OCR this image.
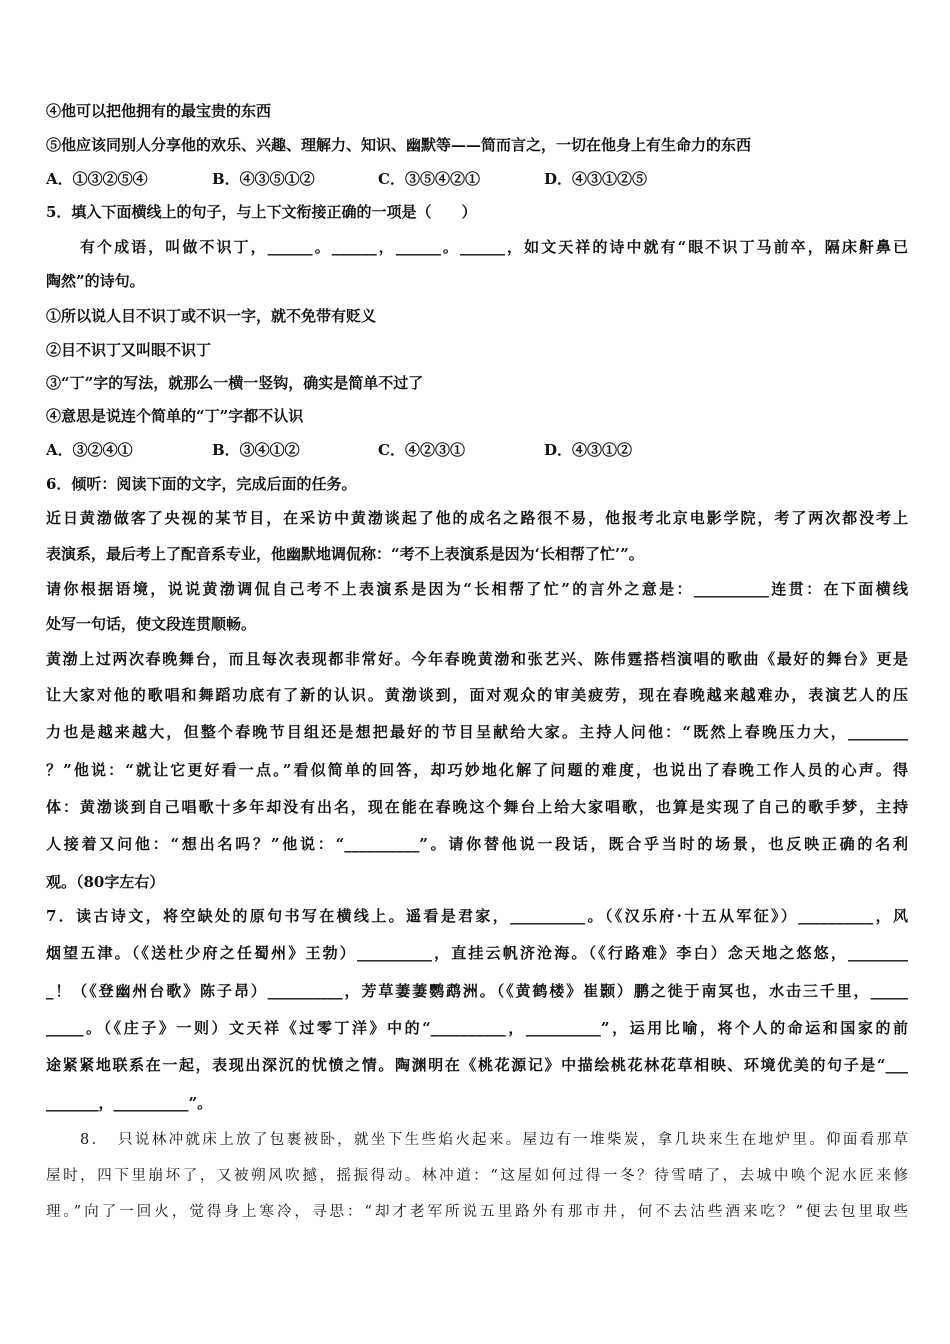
④他可以把他拥有的最宝贵的东西
⑤他应该同别人分享他的欢乐、兴趣、理解力、知识、幽默等——简而言之，一切在他身上有生命力的东西
A．①③②⑤④	B．④③⑤①②	C．③⑤④②①	D．④③①②⑤
5．填入下面横线上的句子，与上下文衔接正确的一项是（　　）
有个成语，叫做不识丁，______。______，______。______，如文天祥的诗中就有“眼不识丁马前卒，隔床鼾鼻已
陶然”的诗句。
①所以说人目不识丁或不识一字，就不免带有贬义
②目不识丁又叫眼不识丁
③“丁”字的写法，就那么一横一竖钩，确实是简单不过了
④意思是说连个简单的“丁”字都不认识
A．③②④①	B．③④①②	C．④②③①	D．④③①②
6．倾听：阅读下面的文字，完成后面的任务。
近日黄渤做客了央视的某节目，在采访中黄渤谈起了他的成名之路很不易，他报考北京电影学院，考了两次都没考上
表演系，最后考上了配音系专业，他幽默地调侃称：“考不上表演系是因为‘长相帮了忙’”。
请你根据语境，说说黄渤调侃自己考不上表演系是因为“长相帮了忙”的言外之意是：__________连贯：在下面横线
处写一句话，使文段连贯顺畅。
黄渤上过两次春晚舞台，而且每次表现都非常好。今年春晚黄渤和张艺兴、陈伟霆搭档演唱的歌曲《最好的舞台》更是
让大家对他的歌唱和舞蹈功底有了新的认识。黄渤谈到，面对观众的审美疲劳，现在春晚越来越难办，表演艺人的压
力也是越来越大，但整个春晚节目组还是想把最好的节目呈献给大家。主持人问他：“既然上春晚压力大，________
？”他说：“就让它更好看一点。”看似简单的回答，却巧妙地化解了问题的难度，也说出了春晚工作人员的心声。得
体：黄渤谈到自己唱歌十多年却没有出名，现在能在春晚这个舞台上给大家唱歌，也算是实现了自己的歌手梦，主持
人接着又问他：“想出名吗？”他说：“__________”。请你替他说一段话，既合乎当时的场景，也反映正确的名利
观。（80字左右）
7．读古诗文，将空缺处的原句书写在横线上。遥看是君家，__________。（《汉乐府·十五从军征》）__________，风
烟望五津。（《送杜少府之任蜀州》王勃）__________，直挂云帆济沧海。（《行路难》李白）念天地之悠悠，________
_！（《登幽州台歌》陈子昂）__________，芳草萋萋鹦鹉洲。（《黄鹤楼》崔颢）鹏之徙于南冥也，水击三千里，_____
_____。（《庄子》一则）文天祥《过零丁洋》中的“__________，__________”，运用比喻，将个人的命运和国家的前
途紧紧地联系在一起，表现出深沉的忧愤之情。陶渊明在《桃花源记》中描绘桃花林花草相映、环境优美的句子是“___
_______，__________”。
8．　只说林冲就床上放了包裹被卧，就坐下生些焰火起来。屋边有一堆柴炭，拿几块来生在地炉里。仰面看那草
屋时，四下里崩坏了，又被朔风吹撼，摇振得动。林冲道：“这屋如何过得一冬？待雪晴了，去城中唤个泥水匠来修
理。”向了一回火，觉得身上寒冷，寻思：“却才老军所说五里路外有那市井，何不去沽些酒来吃？”便去包里取些
